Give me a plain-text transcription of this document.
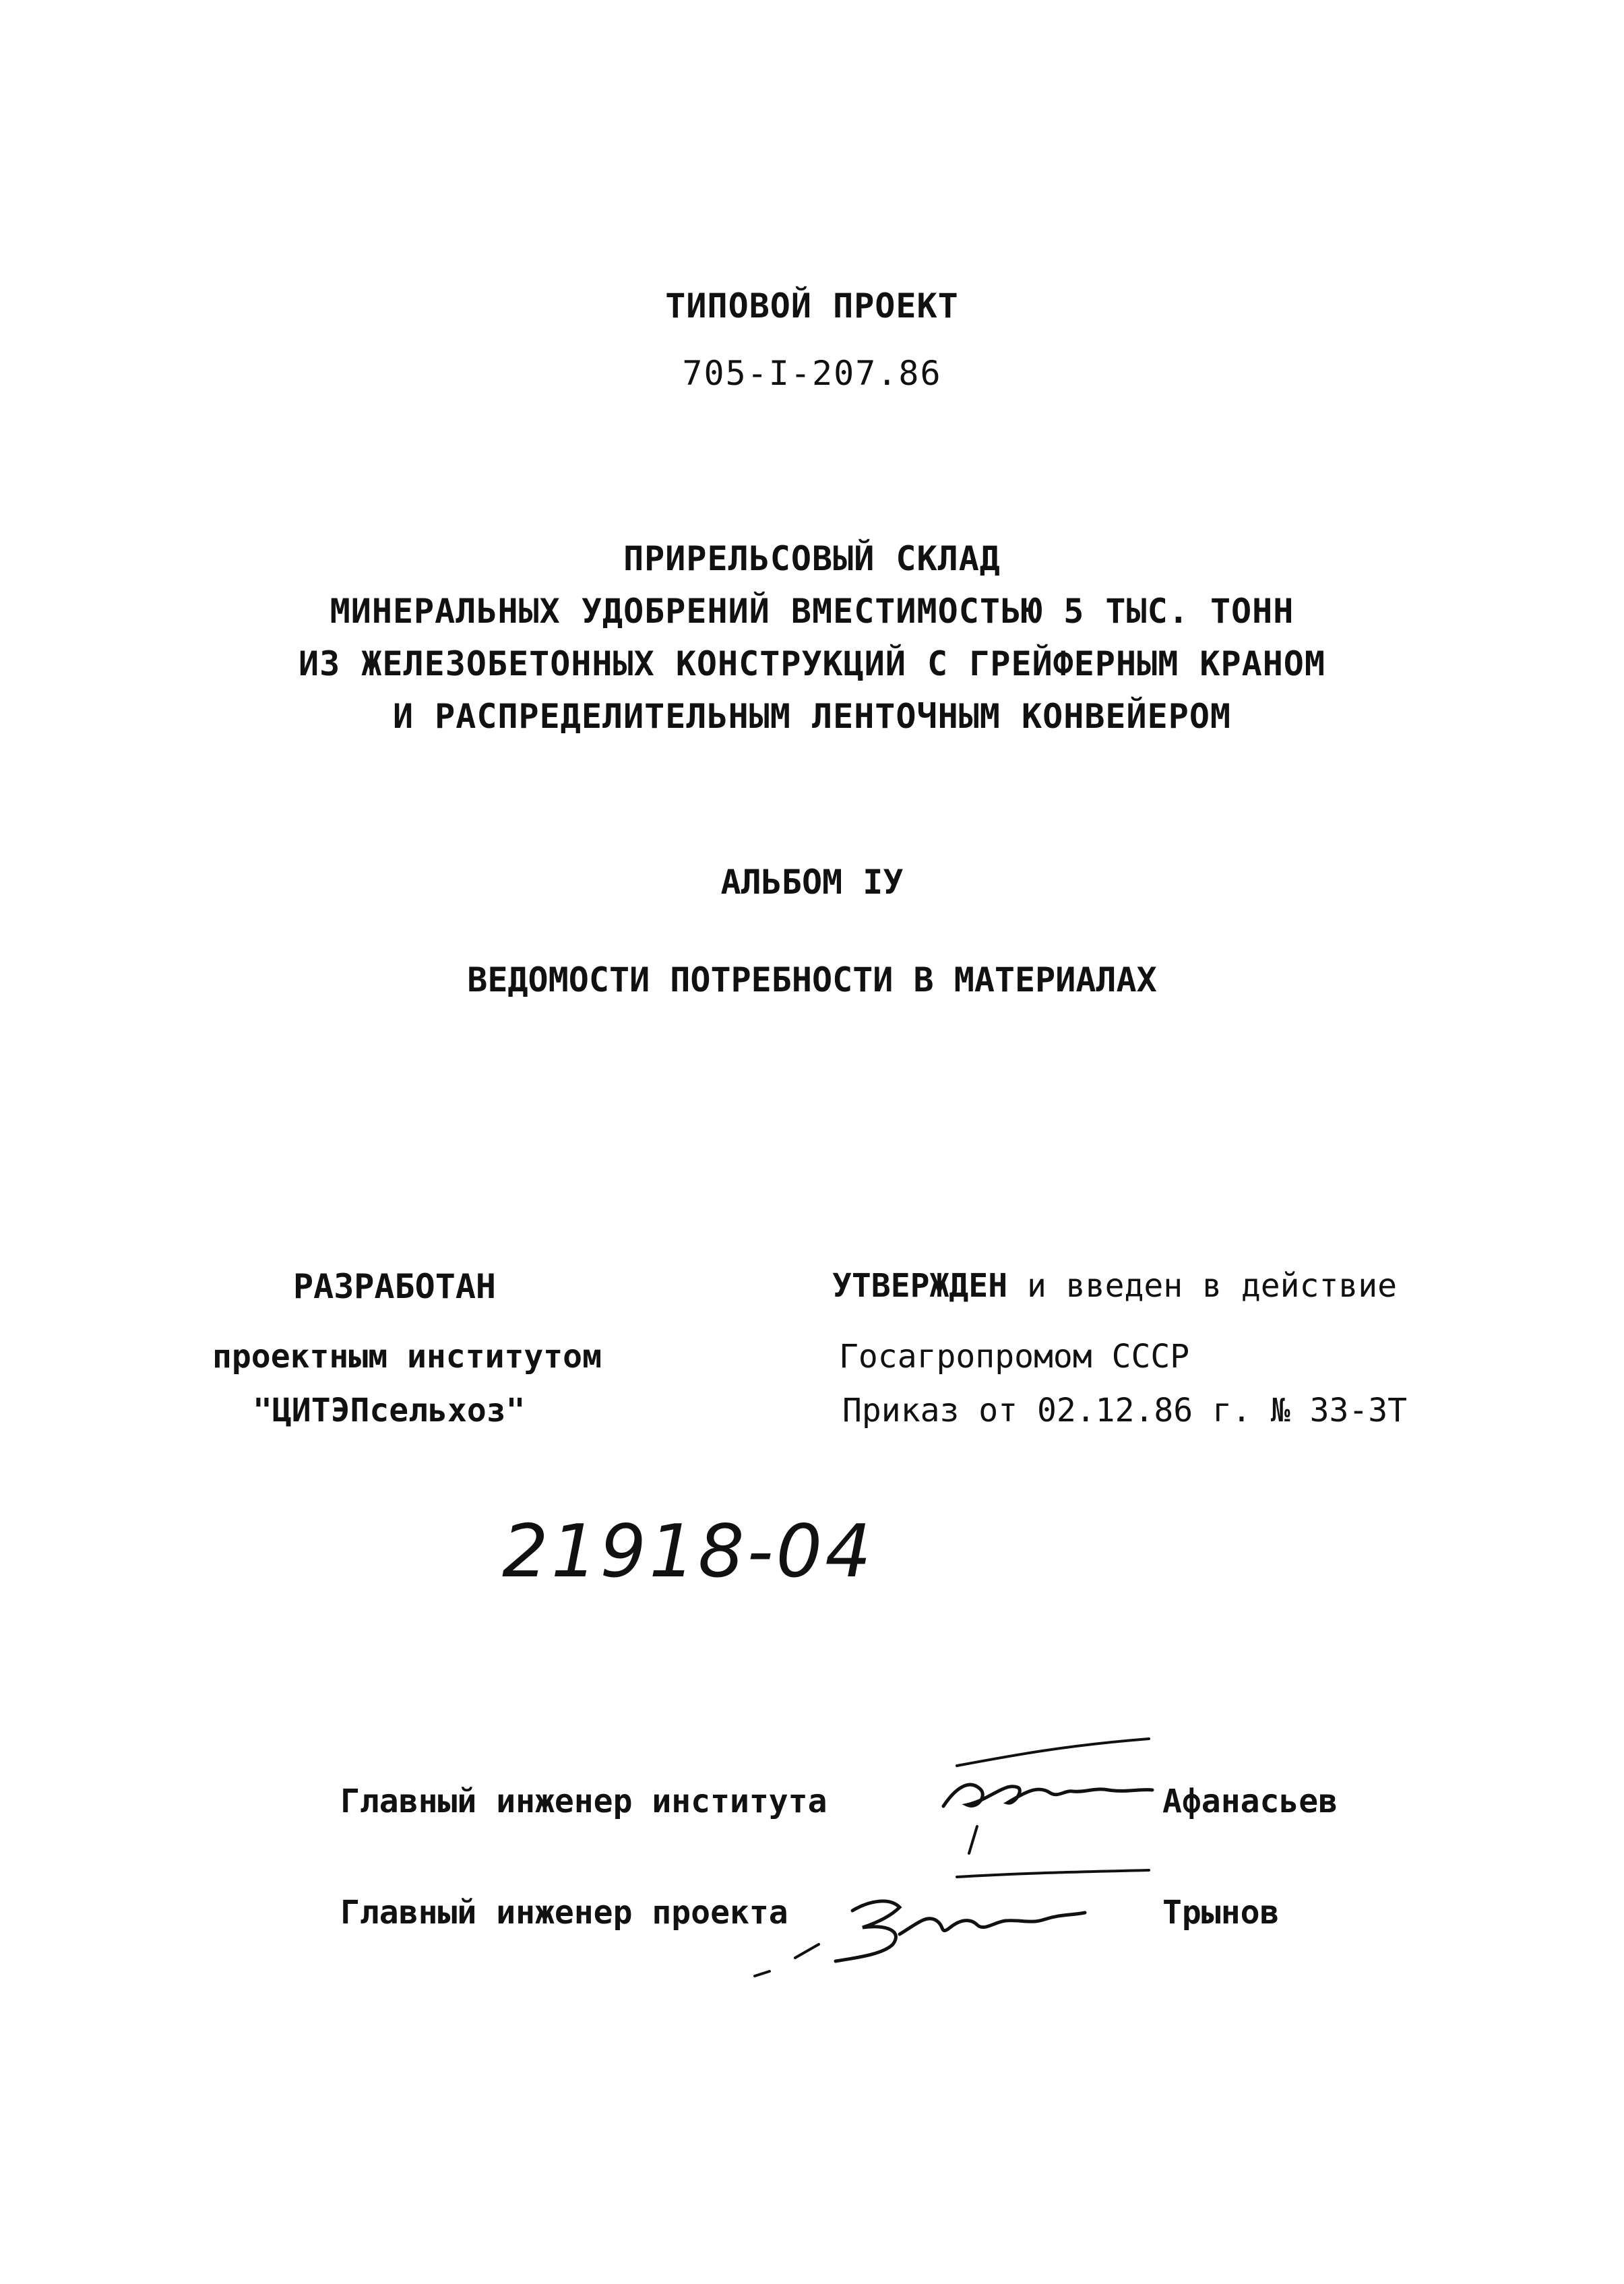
ТИПОВОЙ ПРОЕКТ
705-I-207.86
ПРИРЕЛЬСОВЫЙ СКЛАД
МИНЕРАЛЬНЫХ УДОБРЕНИЙ ВМЕСТИМОСТЬЮ 5 ТЫС. ТОНН
ИЗ ЖЕЛЕЗОБЕТОННЫХ КОНСТРУКЦИЙ С ГРЕЙФЕРНЫМ КРАНОМ
И РАСПРЕДЕЛИТЕЛЬНЫМ ЛЕНТОЧНЫМ КОНВЕЙЕРОМ
АЛЬБОМ IУ
ВЕДОМОСТИ ПОТРЕБНОСТИ В МАТЕРИАЛАХ
РАЗРАБОТАН
проектным институтом
"ЦИТЭПсельхоз"
УТВЕРЖДЕН и введен в действие
Госагропромом СССР
Приказ от 02.12.86 г. № 33-ЗТ
21918-04
Главный инженер института	Афанасьев
Главный инженер проекта	Трынов
